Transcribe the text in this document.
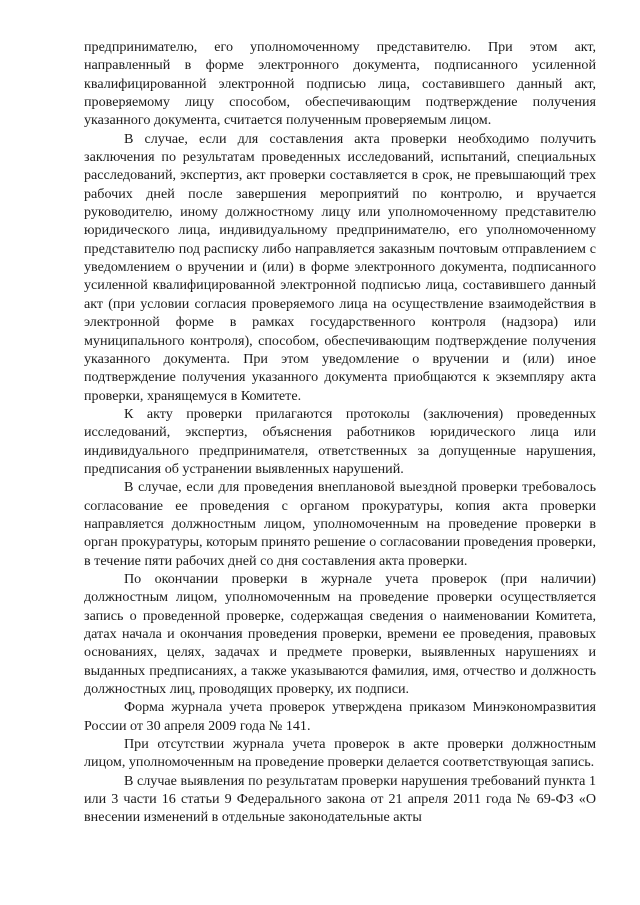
предпринимателю, его уполномоченному представителю. При этом акт, направленный в форме электронного документа, подписанного усиленной квалифицированной электронной подписью лица, составившего данный акт, проверяемому лицу способом, обеспечивающим подтверждение получения указанного документа, считается полученным проверяемым лицом.

В случае, если для составления акта проверки необходимо получить заключения по результатам проведенных исследований, испытаний, специальных расследований, экспертиз, акт проверки составляется в срок, не превышающий трех рабочих дней после завершения мероприятий по контролю, и вручается руководителю, иному должностному лицу или уполномоченному представителю юридического лица, индивидуальному предпринимателю, его уполномоченному представителю под расписку либо направляется заказным почтовым отправлением с уведомлением о вручении и (или) в форме электронного документа, подписанного усиленной квалифицированной электронной подписью лица, составившего данный акт (при условии согласия проверяемого лица на осуществление взаимодействия в электронной форме в рамках государственного контроля (надзора) или муниципального контроля), способом, обеспечивающим подтверждение получения указанного документа. При этом уведомление о вручении и (или) иное подтверждение получения указанного документа приобщаются к экземпляру акта проверки, хранящемуся в Комитете.

К акту проверки прилагаются протоколы (заключения) проведенных исследований, экспертиз, объяснения работников юридического лица или индивидуального предпринимателя, ответственных за допущенные нарушения, предписания об устранении выявленных нарушений.

В случае, если для проведения внеплановой выездной проверки требовалось согласование ее проведения с органом прокуратуры, копия акта проверки направляется должностным лицом, уполномоченным на проведение проверки в орган прокуратуры, которым принято решение о согласовании проведения проверки, в течение пяти рабочих дней со дня составления акта проверки.

По окончании проверки в журнале учета проверок (при наличии) должностным лицом, уполномоченным на проведение проверки осуществляется запись о проведенной проверке, содержащая сведения о наименовании Комитета, датах начала и окончания проведения проверки, времени ее проведения, правовых основаниях, целях, задачах и предмете проверки, выявленных нарушениях и выданных предписаниях, а также указываются фамилия, имя, отчество и должность должностных лиц, проводящих проверку, их подписи.

Форма журнала учета проверок утверждена приказом Минэкономразвития России от 30 апреля 2009 года № 141.

При отсутствии журнала учета проверок в акте проверки должностным лицом, уполномоченным на проведение проверки делается соответствующая запись.

В случае выявления по результатам проверки нарушения требований пункта 1 или 3 части 16 статьи 9 Федерального закона от 21 апреля 2011 года № 69-ФЗ «О внесении изменений в отдельные законодательные акты
